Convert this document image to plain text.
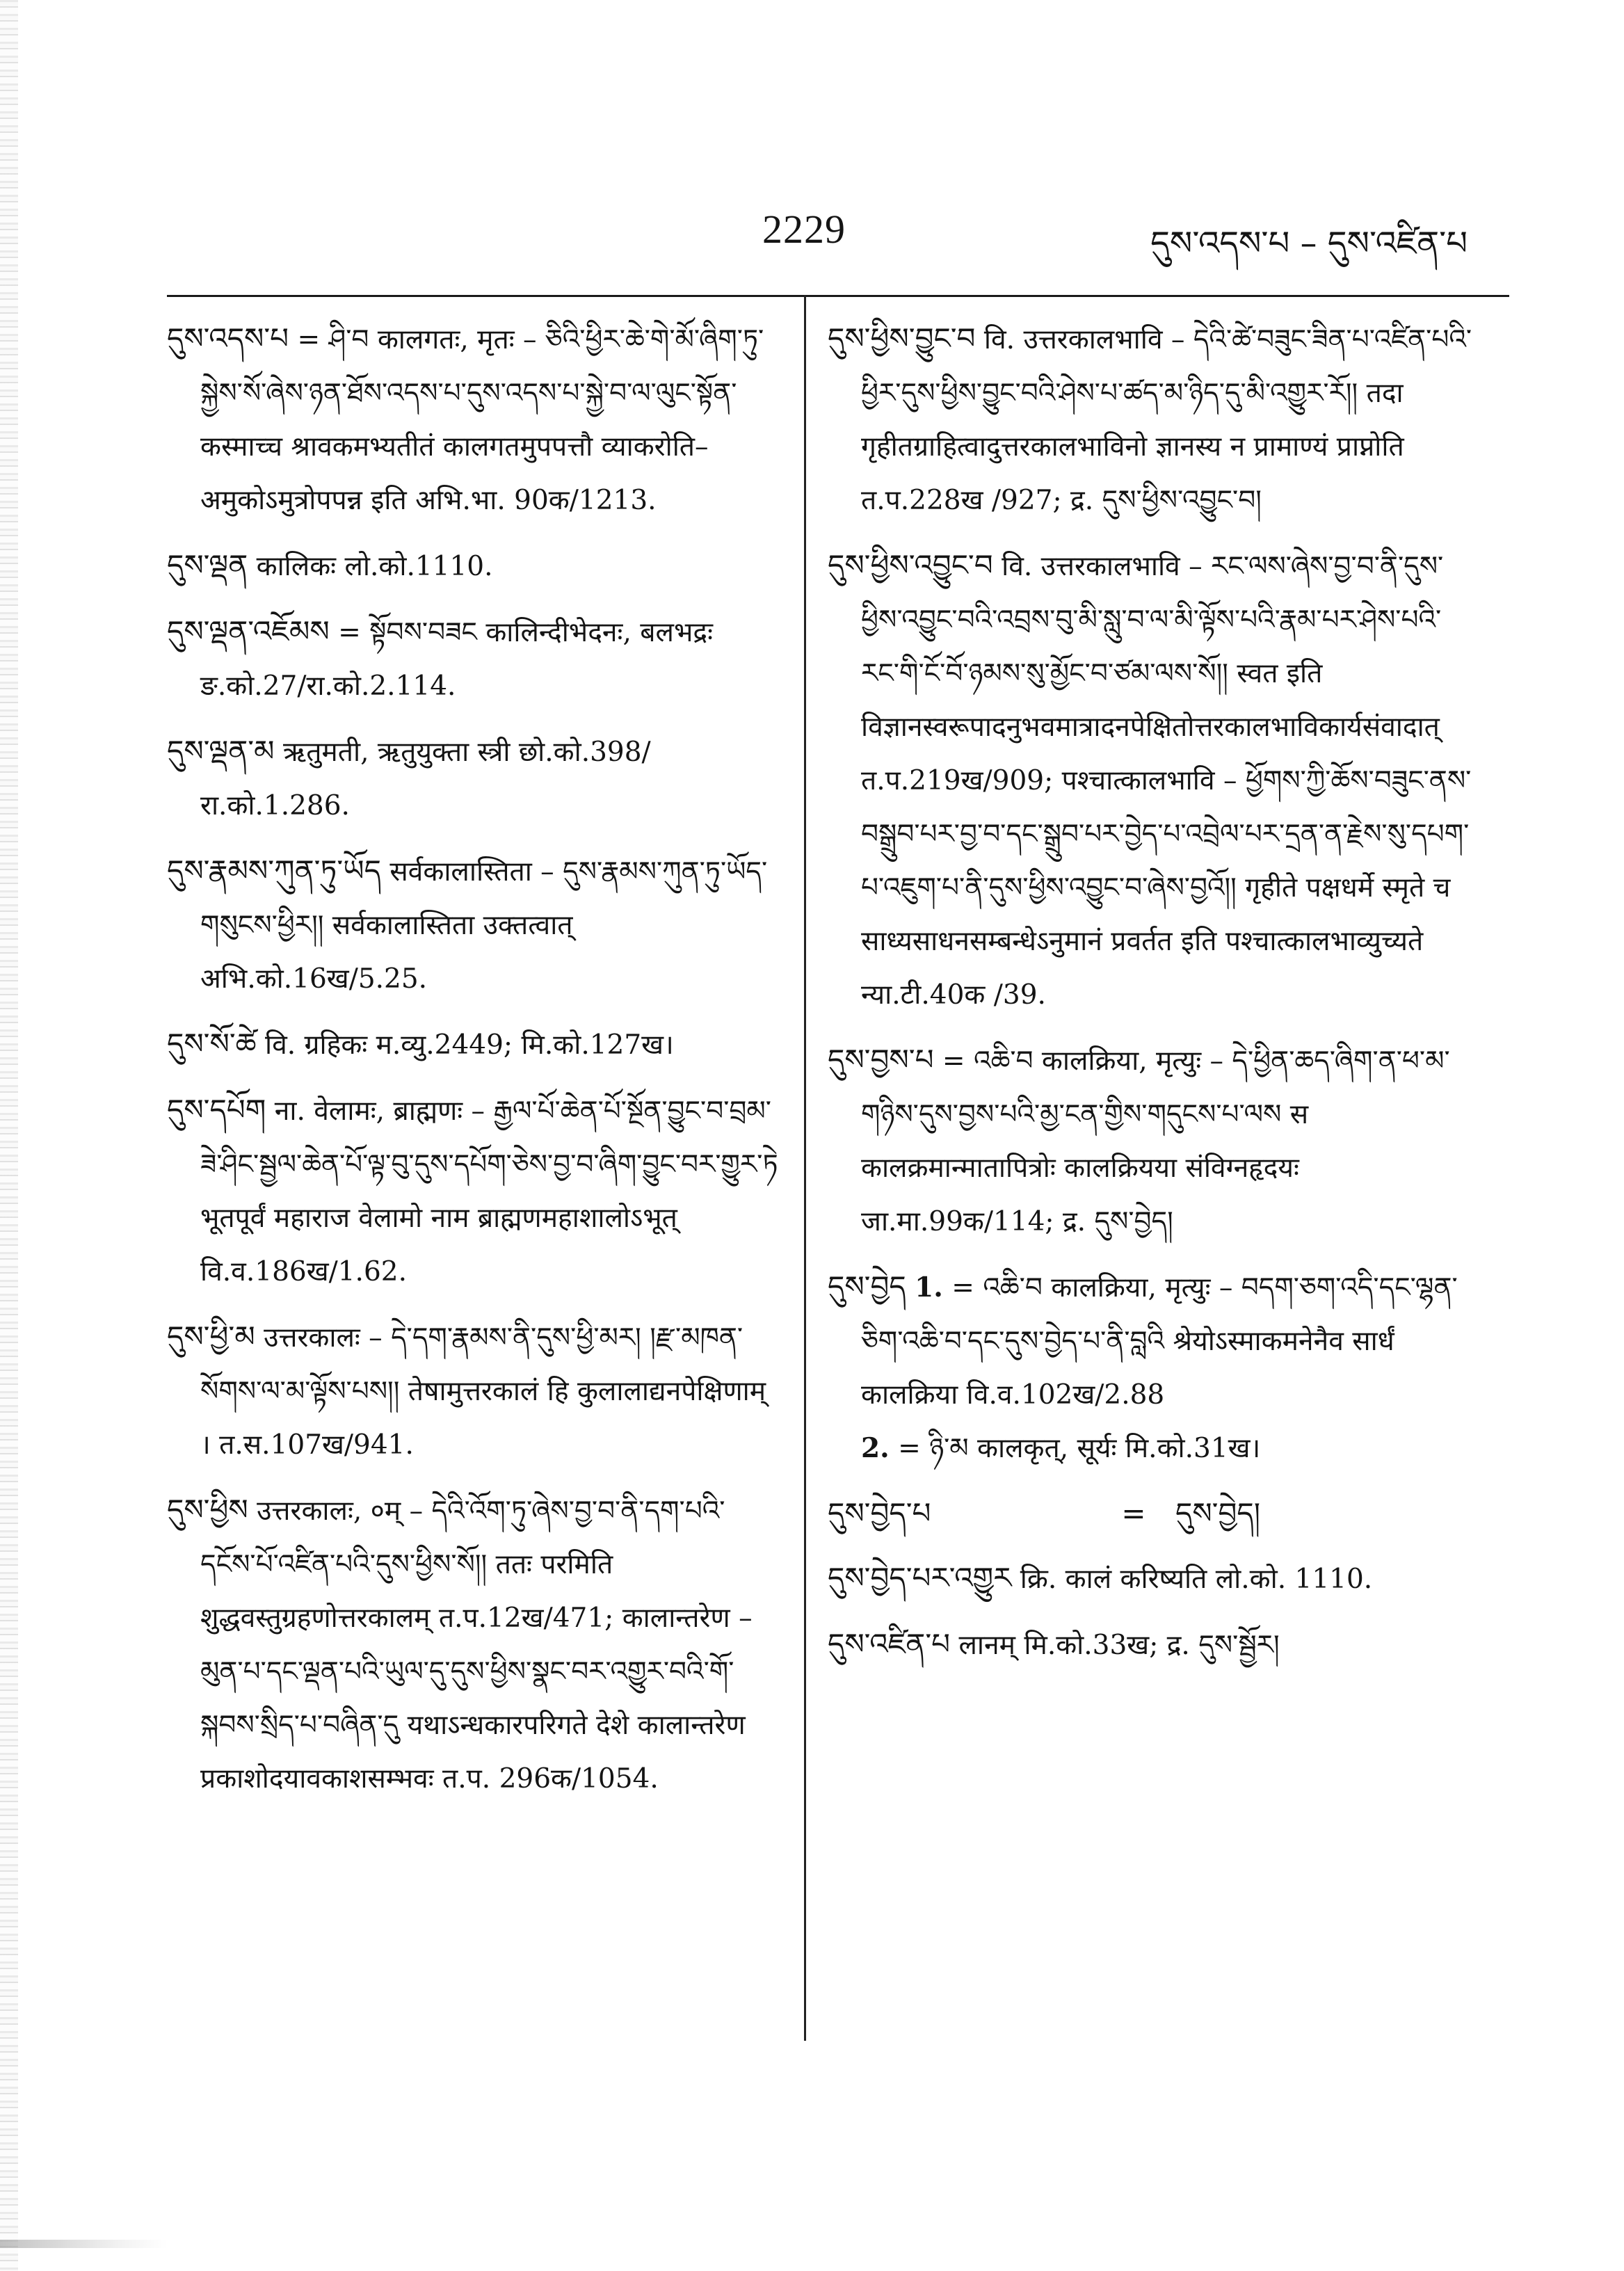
2229	དུས་འདས་པ – དུས་འཛིན་པ
དུས་འདས་པ = ཤི་བ कालगतः, मृतः – ཅིའི་ཕྱིར་ཆེ་གེ་མོ་ཞིག་ཏུ་སྐྱེས་སོ་ཞེས་ཉན་ཐོས་འདས་པ་དུས་འདས་པ་སྐྱེ་བ་ལ་ལུང་སྟོན་ कस्माच्च श्रावकमभ्यतीतं कालगतमुपपत्तौ व्याकरोति–अमुकोऽमुत्रोपपन्न इति अभि.भा. 90क/1213.
དུས་ལྡན कालिकः लो.को.1110.
དུས་ལྡན་འཇོམས = སྟོབས་བཟང कालिन्दीभेदनः, बलभद्रः ङ.को.27/रा.को.2.114.
དུས་ལྡན་མ ऋतुमती, ऋतुयुक्ता स्त्री छो.को.398/रा.को.1.286.
དུས་རྣམས་ཀུན་ཏུ་ཡོད सर्वकालास्तिता – དུས་རྣམས་ཀུན་ཏུ་ཡོད་གསུངས་ཕྱིར།། सर्वकालास्तिता उक्तत्वात् अभि.को.16ख/5.25.
དུས་སོ་ཚེ वि. ग्रहिकः म.व्यु.2449; मि.को.127ख।
དུས་དཔོག ना. वेलामः, ब्राह्मणः – རྒྱལ་པོ་ཆེན་པོ་སྔོན་བྱུང་བ་བྲམ་ཟེ་ཤིང་སྦྱལ་ཆེན་པོ་ལྟ་བུ་དུས་དཔོག་ཅེས་བྱ་བ་ཞིག་བྱུང་བར་གྱུར་ཏེ भूतपूर्वं महाराज वेलामो नाम ब्राह्मणमहाशालोऽभूत् वि.व.186ख/1.62.
དུས་ཕྱི་མ उत्तरकालः – དེ་དག་རྣམས་ནི་དུས་ཕྱི་མར། །རྫ་མཁན་སོགས་ལ་མ་ལྟོས་པས།། तेषामुत्तरकालं हि कुलालाद्यनपेक्षिणाम् । त.स.107ख/941.
དུས་ཕྱིས उत्तरकालः, ०म् – དེའི་འོག་ཏུ་ཞེས་བྱ་བ་ནི་དག་པའི་དངོས་པོ་འཛིན་པའི་དུས་ཕྱིས་སོ།། ततः परमिति शुद्धवस्तुग्रहणोत्तरकालम् त.प.12ख/471; कालान्तरेण – མུན་པ་དང་ལྡན་པའི་ཡུལ་དུ་དུས་ཕྱིས་སྣང་བར་འགྱུར་བའི་གོ་སྐབས་སྲིད་པ་བཞིན་དུ यथाऽन्धकारपरिगते देशे कालान्तरेण प्रकाशोदयावकाशसम्भवः त.प. 296क/1054.
དུས་ཕྱིས་བྱུང་བ वि. उत्तरकालभावि – དེའི་ཚེ་བཟུང་ཟིན་པ་འཛིན་པའི་ཕྱིར་དུས་ཕྱིས་བྱུང་བའི་ཤེས་པ་ཚད་མ་ཉིད་དུ་མི་འགྱུར་རོ།། तदा गृहीतग्राहित्वादुत्तरकालभाविनो ज्ञानस्य न प्रामाण्यं प्राप्नोति त.प.228ख /927; द्र. དུས་ཕྱིས་འབྱུང་བ།
དུས་ཕྱིས་འབྱུང་བ वि. उत्तरकालभावि – རང་ལས་ཞེས་བྱ་བ་ནི་དུས་ཕྱིས་འབྱུང་བའི་འབྲས་བུ་མི་སླུ་བ་ལ་མི་ལྟོས་པའི་རྣམ་པར་ཤེས་པའི་རང་གི་ངོ་བོ་ཉམས་སུ་མྱོང་བ་ཙམ་ལས་སོ།། स्वत इति विज्ञानस्वरूपादनुभवमात्रादनपेक्षितोत्तरकालभाविकार्यसंवादात् त.प.219ख/909; पश्चात्कालभावि – ཕྱོགས་ཀྱི་ཆོས་བཟུང་ནས་བསྒྲུབ་པར་བྱ་བ་དང་སྒྲུབ་པར་བྱེད་པ་འབྲེལ་པར་དྲན་ན་རྗེས་སུ་དཔག་པ་འཇུག་པ་ནི་དུས་ཕྱིས་འབྱུང་བ་ཞེས་བྱའོ།། गृहीते पक्षधर्मे स्मृते च साध्यसाधनसम्बन्धेऽनुमानं प्रवर्तत इति पश्चात्कालभाव्युच्यते न्या.टी.40क /39.
དུས་བྱས་པ = འཆི་བ कालक्रिया, मृत्युः – དེ་ཕྱིན་ཆད་ཞིག་ན་ཕ་མ་གཉིས་དུས་བྱས་པའི་མྱ་ངན་གྱིས་གདུངས་པ་ལས स कालक्रमान्मातापित्रोः कालक्रियया संविग्नहृदयः जा.मा.99क/114; द्र. དུས་བྱེད།
དུས་བྱེད 1. = འཆི་བ कालक्रिया, मृत्युः – བདག་ཅག་འདི་དང་ལྷན་ཅིག་འཆི་བ་དང་དུས་བྱེད་པ་ནི་བླའི श्रेयोऽस्माकमनेनैव सार्धं कालक्रिया वि.व.102ख/2.88
2. = ཉི་མ कालकृत्, सूर्यः मि.को.31ख।
དུས་བྱེད་པ	=	དུས་བྱེད།
དུས་བྱེད་པར་འགྱུར क्रि. कालं करिष्यति लो.को. 1110.
དུས་འཛིན་པ लानम् मि.को.33ख; द्र. དུས་སྦྱོར།
